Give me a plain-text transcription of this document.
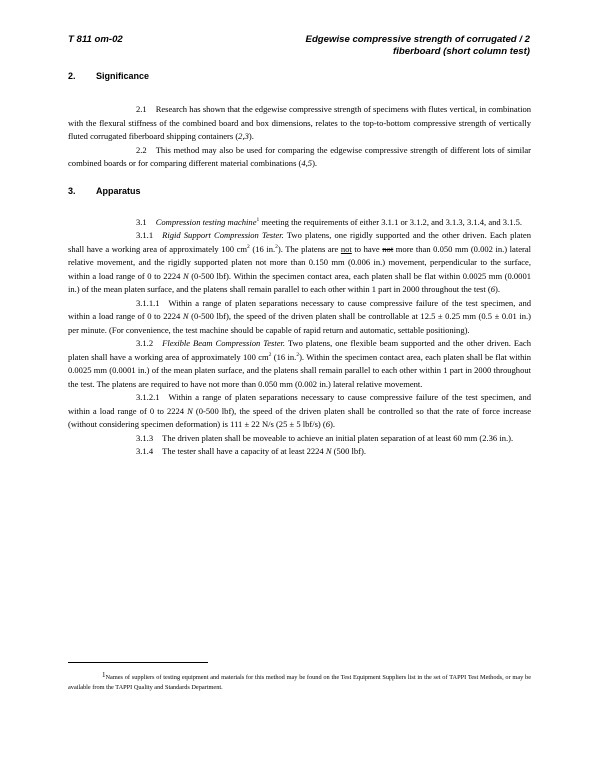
T 811 om-02	Edgewise compressive strength of corrugated / 2
fiberboard (short column test)

2. Significance

2.1 Research has shown that the edgewise compressive strength of specimens with flutes vertical, in combination with the flexural stiffness of the combined board and box dimensions, relates to the top-to-bottom compressive strength of vertically fluted corrugated fiberboard shipping containers (2,3).

2.2 This method may also be used for comparing the edgewise compressive strength of different lots of similar combined boards or for comparing different material combinations (4,5).

3. Apparatus

3.1 Compression testing machine$^1$ meeting the requirements of either 3.1.1 or 3.1.2, and 3.1.3, 3.1.4, and 3.1.5.

3.1.1 Rigid Support Compression Tester. Two platens, one rigidly supported and the other driven. Each platen shall have a working area of approximately 100 $cm^2$ (16 in.$^2$). The platens are not to have not more than 0.050 mm (0.002 in.) lateral relative movement, and the rigidly supported platen not more than 0.150 mm (0.006 in.) movement, perpendicular to the surface, within a load range of 0 to 2224 N (0-500 lbf). Within the specimen contact area, each platen shall be flat within 0.0025 mm (0.0001 in.) of the mean platen surface, and the platens shall remain parallel to each other within 1 part in 2000 throughout the test (6).

3.1.1.1 Within a range of platen separations necessary to cause compressive failure of the test specimen, and within a load range of 0 to 2224 N (0-500 lbf), the speed of the driven platen shall be controllable at 12.5 ± 0.25 mm (0.5 ± 0.01 in.) per minute. (For convenience, the test machine should be capable of rapid return and automatic, settable positioning).

3.1.2 Flexible Beam Compression Tester. Two platens, one flexible beam supported and the other driven. Each platen shall have a working area of approximately 100 $cm^2$ (16 in.$^2$). Within the specimen contact area, each platen shall be flat within 0.0025 mm (0.0001 in.) of the mean platen surface, and the platens shall remain parallel to each other within 1 part in 2000 throughout the test. The platens are required to have not more than 0.050 mm (0.002 in.) lateral relative movement.

3.1.2.1 Within a range of platen separations necessary to cause compressive failure of the test specimen, and within a load range of 0 to 2224 N (0-500 lbf), the speed of the driven platen shall be controlled so that the rate of force increase (without considering specimen deformation) is 111 ± 22 N/s (25 ± 5 lbf/s) (6).

3.1.3 The driven platen shall be moveable to achieve an initial platen separation of at least 60 mm (2.36 in.).

3.1.4 The tester shall have a capacity of at least 2224 N (500 lbf).

1Names of suppliers of testing equipment and materials for this method may be found on the Test Equipment Suppliers list in the set of TAPPI Test Methods, or may be available from the TAPPI Quality and Standards Department.
